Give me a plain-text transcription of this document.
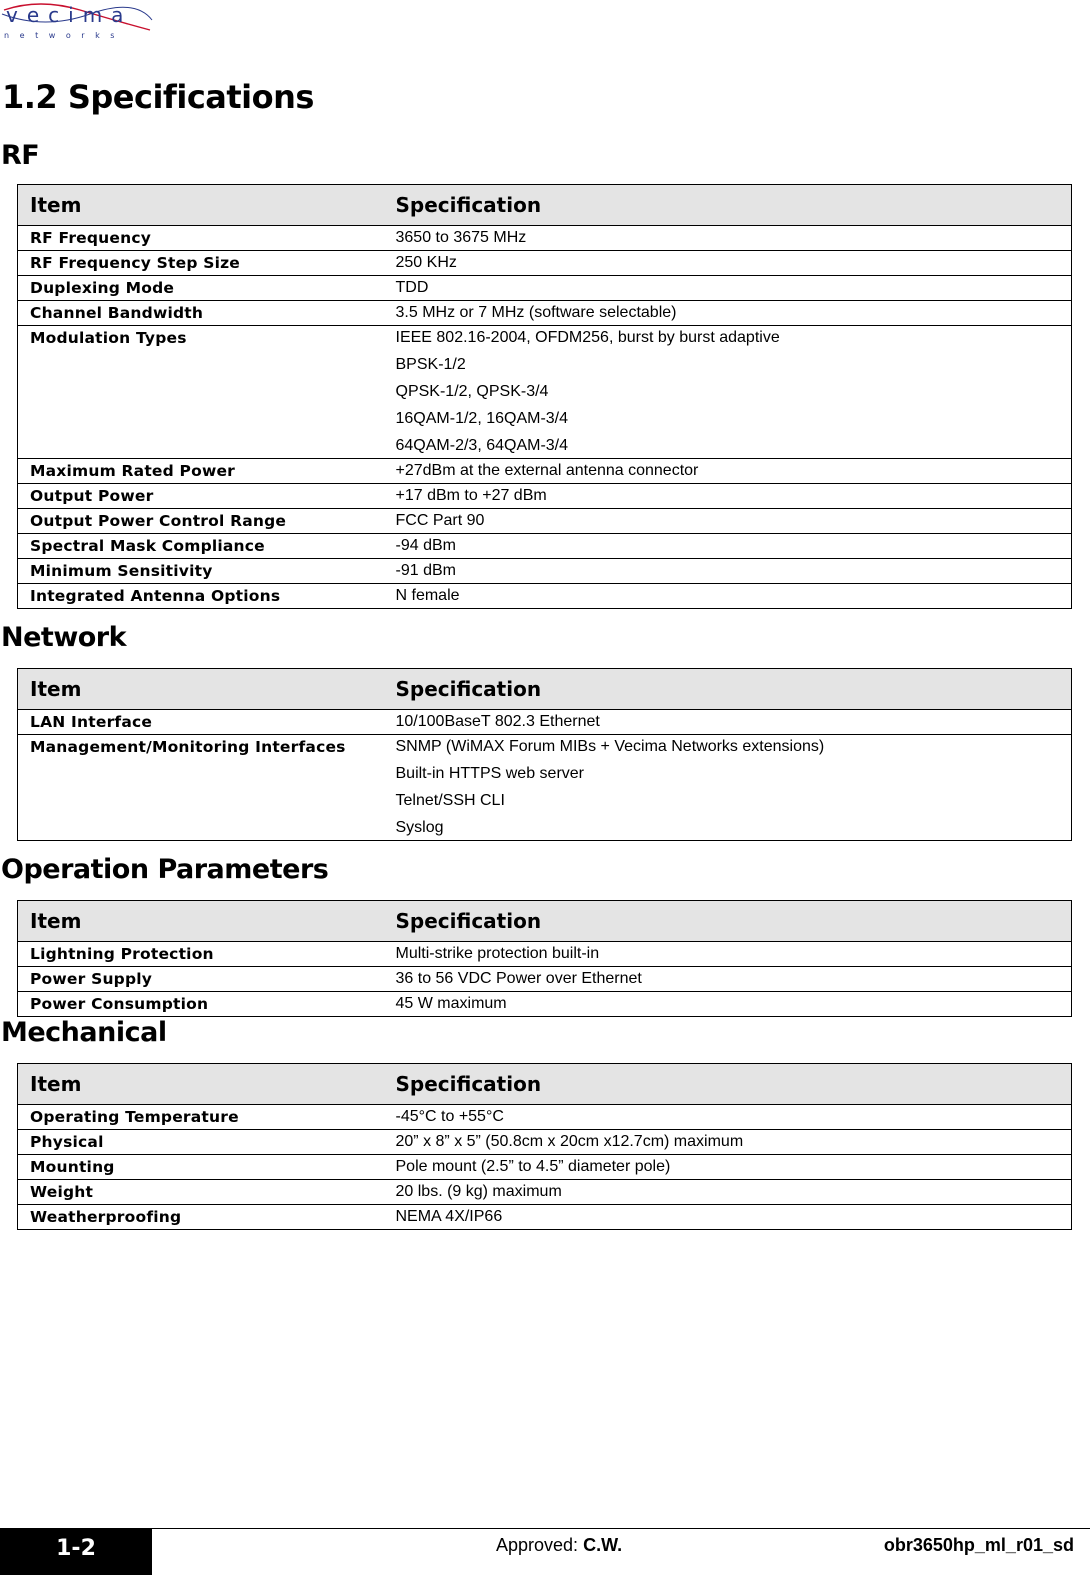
vecima
n e t w o r k s
1.2 Specifications
RF
Item	Specification
RF Frequency	3650 to 3675 MHz

RF Frequency Step Size	250 KHz

Duplexing Mode	TDD

Channel Bandwidth	3.5 MHz or 7 MHz (software selectable)

Modulation Types	IEEE 802.16-2004, OFDM256, burst by burst adaptive
BPSK-1/2
QPSK-1/2, QPSK-3/4
16QAM-1/2, 16QAM-3/4
64QAM-2/3, 64QAM-3/4

Maximum Rated Power	+27dBm at the external antenna connector

Output Power	+17 dBm to +27 dBm

Output Power Control Range	FCC Part 90

Spectral Mask Compliance	-94 dBm

Minimum Sensitivity	-91 dBm

Integrated Antenna Options	N female
Network
Item	Specification
LAN Interface	10/100BaseT 802.3 Ethernet

Management/Monitoring Interfaces	SNMP (WiMAX Forum MIBs + Vecima Networks extensions)
Built-in HTTPS web server
Telnet/SSH CLI
Syslog
Operation Parameters
Item	Specification
Lightning Protection	Multi-strike protection built-in

Power Supply	36 to 56 VDC Power over Ethernet

Power Consumption	45 W maximum
Mechanical
Item	Specification
Operating Temperature	-45°C to +55°C

Physical	20” x 8” x 5” (50.8cm x 20cm x12.7cm) maximum

Mounting	Pole mount (2.5” to 4.5” diameter pole)

Weight	20 lbs. (9 kg) maximum

Weatherproofing	NEMA 4X/IP66
1-2	Approved: C.W.	obr3650hp_ml_r01_sd
